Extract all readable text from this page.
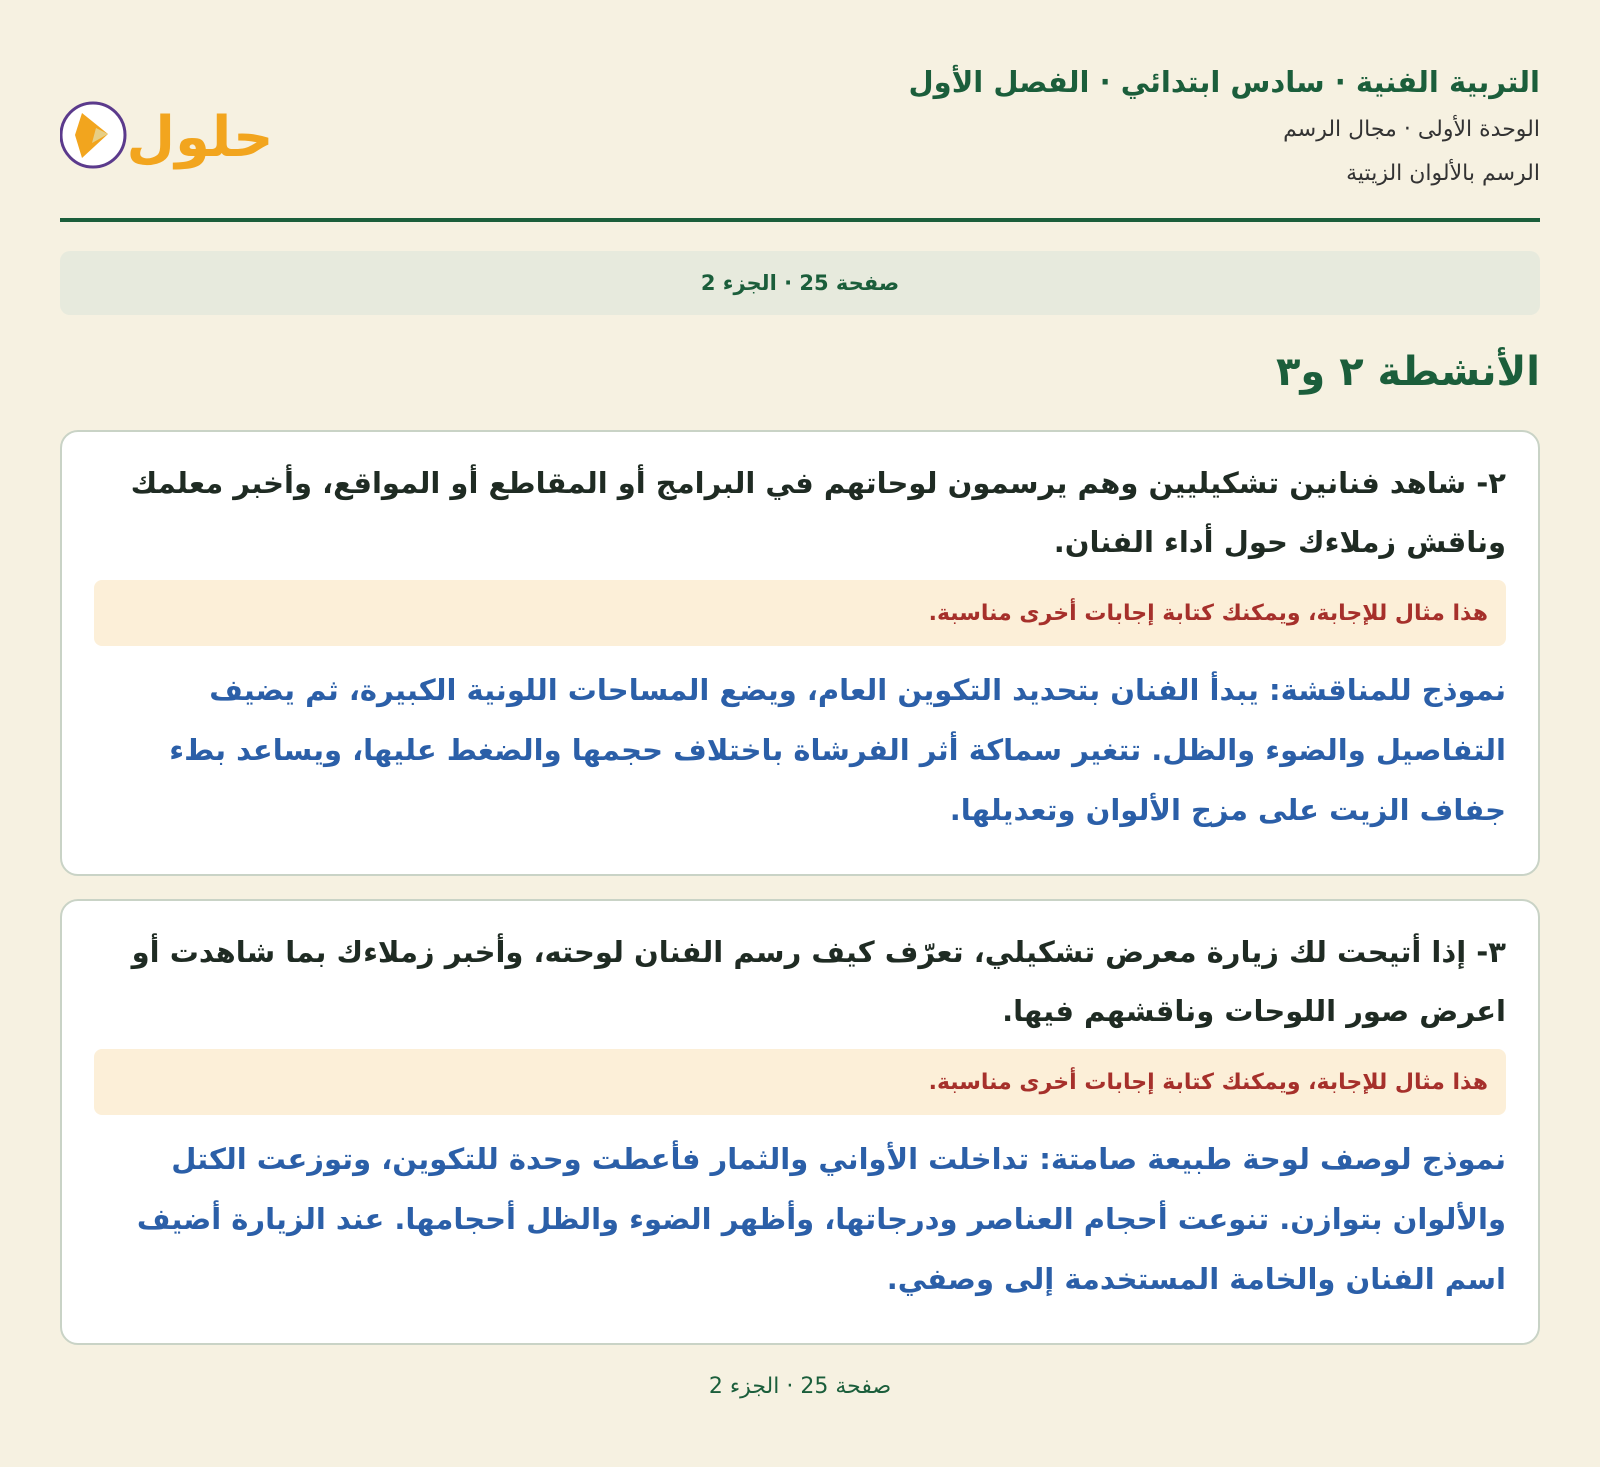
التربية الفنية · سادس ابتدائي · الفصل الأول
الوحدة الأولى · مجال الرسم
الرسم بالألوان الزيتية
حلول
صفحة 25 · الجزء 2
الأنشطة ٢ و٣
٢- شاهد فنانين تشكيليين وهم يرسمون لوحاتهم في البرامج أو المقاطع أو المواقع، وأخبر معلمك وناقش زملاءك حول أداء الفنان.
هذا مثال للإجابة، ويمكنك كتابة إجابات أخرى مناسبة.
نموذج للمناقشة: يبدأ الفنان بتحديد التكوين العام، ويضع المساحات اللونية الكبيرة، ثم يضيف التفاصيل والضوء والظل. تتغير سماكة أثر الفرشاة باختلاف حجمها والضغط عليها، ويساعد بطء جفاف الزيت على مزج الألوان وتعديلها.
٣- إذا أتيحت لك زيارة معرض تشكيلي، تعرّف كيف رسم الفنان لوحته، وأخبر زملاءك بما شاهدت أو اعرض صور اللوحات وناقشهم فيها.
هذا مثال للإجابة، ويمكنك كتابة إجابات أخرى مناسبة.
نموذج لوصف لوحة طبيعة صامتة: تداخلت الأواني والثمار فأعطت وحدة للتكوين، وتوزعت الكتل والألوان بتوازن. تنوعت أحجام العناصر ودرجاتها، وأظهر الضوء والظل أحجامها. عند الزيارة أضيف اسم الفنان والخامة المستخدمة إلى وصفي.
صفحة 25 · الجزء 2
